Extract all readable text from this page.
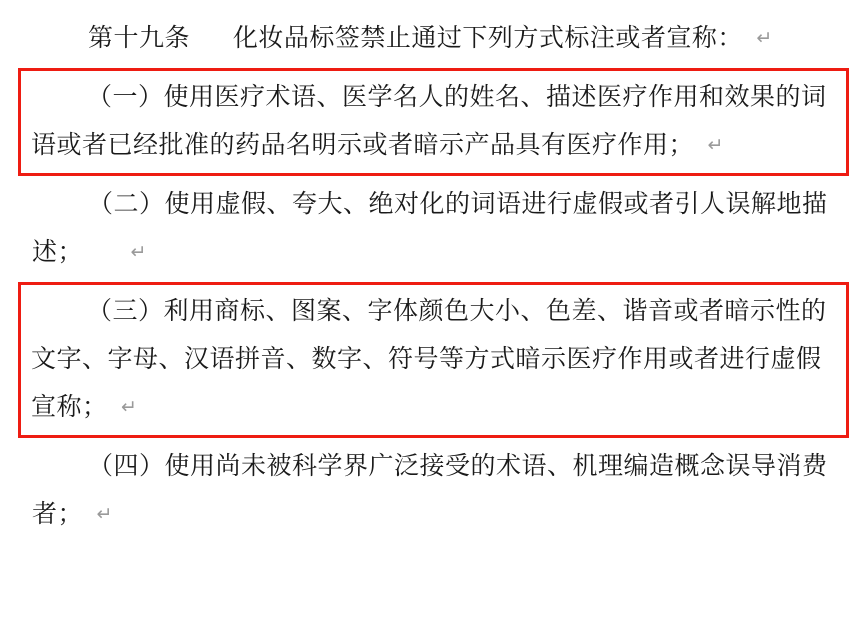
第十九条 化妆品标签禁止通过下列方式标注或者宣称： ↵
（一）使用医疗术语、医学名人的姓名、描述医疗作用和效果的词语或者已经批准的药品名明示或者暗示产品具有医疗作用； ↵
（二）使用虚假、夸大、绝对化的词语进行虚假或者引人误解地描述； ↵
（三）利用商标、图案、字体颜色大小、色差、谐音或者暗示性的文字、字母、汉语拼音、数字、符号等方式暗示医疗作用或者进行虚假宣称； ↵
（四）使用尚未被科学界广泛接受的术语、机理编造概念误导消费者； ↵
